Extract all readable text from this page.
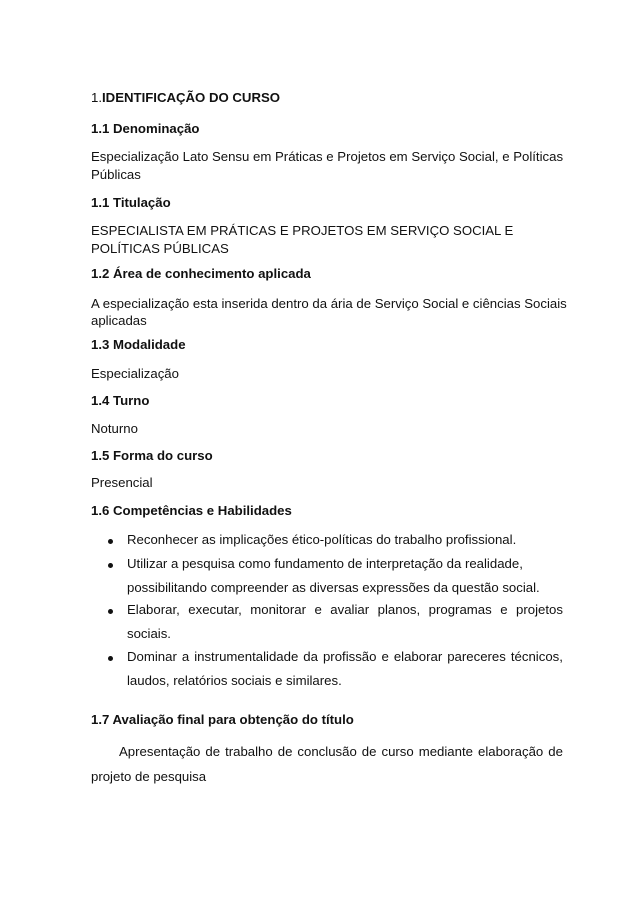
1.IDENTIFICAÇÃO DO CURSO
1.1 Denominação
Especialização Lato Sensu em Práticas e Projetos em Serviço Social, e Políticas
Públicas
1.1 Titulação
ESPECIALISTA EM PRÁTICAS E PROJETOS EM SERVIÇO SOCIAL E
POLÍTICAS PÚBLICAS
1.2 Área de conhecimento aplicada
A especialização esta inserida dentro da ária de Serviço Social e ciências Sociais
aplicadas
1.3 Modalidade
Especialização
1.4 Turno
Noturno
1.5 Forma do curso
Presencial
1.6 Competências e Habilidades
Reconhecer as implicações ético-políticas do trabalho profissional.
Utilizar a pesquisa como fundamento de interpretação da realidade,
possibilitando compreender as diversas expressões da questão social.
Elaborar, executar, monitorar e avaliar planos, programas e projetos
sociais.
Dominar a instrumentalidade da profissão e elaborar pareceres técnicos,
laudos, relatórios sociais e similares.
1.7 Avaliação final para obtenção do título
Apresentação de trabalho de conclusão de curso mediante elaboração de
projeto de pesquisa
